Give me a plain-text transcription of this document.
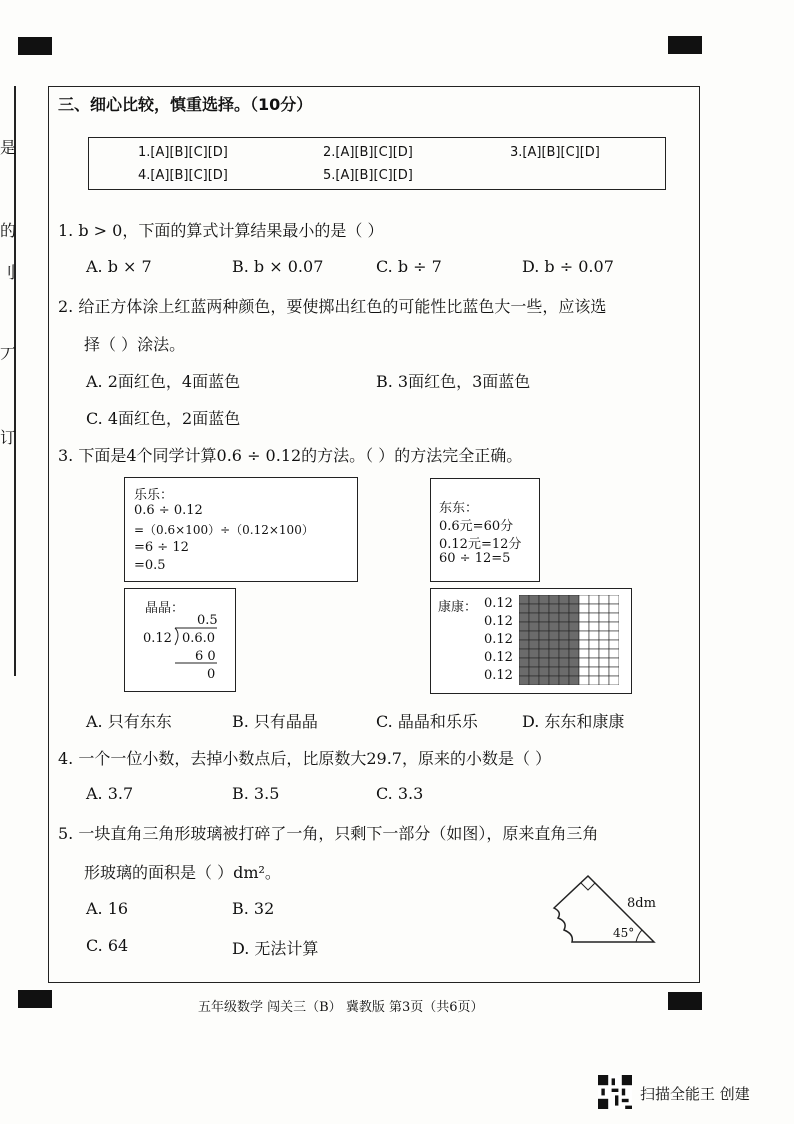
是
的
刂
丆
订
三、细心比较，慎重选择。（10分）
1.[A][B][C][D]	2.[A][B][C][D]	3.[A][B][C][D]
4.[A][B][C][D]	5.[A][B][C][D]
1. b > 0，下面的算式计算结果最小的是（ ）
A. b × 7	B. b × 0.07	C. b ÷ 7	D. b ÷ 0.07
2. 给正方体涂上红蓝两种颜色，要使掷出红色的可能性比蓝色大一些，应该选
择（ ）涂法。
A. 2面红色，4面蓝色	B. 3面红色，3面蓝色
C. 4面红色，2面蓝色
3. 下面是4个同学计算0.6 ÷ 0.12的方法。（ ）的方法完全正确。
乐乐：
0.6 ÷ 0.12
=（0.6×100）÷（0.12×100）
=6 ÷ 12
=0.5
东东：
0.6元=60分
0.12元=12分
60 ÷ 12=5
晶晶：
0.5
0.12 0.6.0
6 0
0
康康： 0.12
0.12
0.12
0.12
0.12
A. 只有东东	B. 只有晶晶	C. 晶晶和乐乐	D. 东东和康康
4. 一个一位小数，去掉小数点后，比原数大29.7，原来的小数是（ ）
A. 3.7	B. 3.5	C. 3.3
5. 一块直角三角形玻璃被打碎了一角，只剩下一部分（如图），原来直角三角
形玻璃的面积是（ ）dm²。
A. 16	B. 32
C. 64	D. 无法计算
8dm
45°
五年级数学 闯关三（B） 冀教版 第3页（共6页）
扫描全能王 创建
